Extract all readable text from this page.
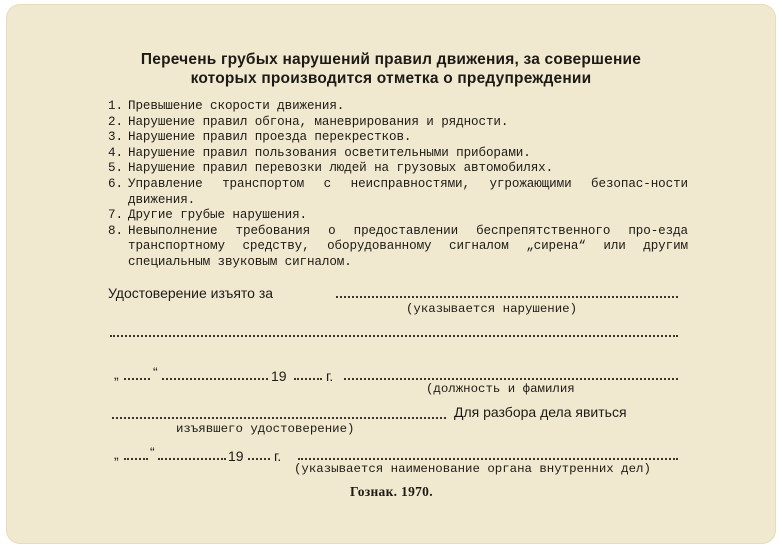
Перечень грубых нарушений правил движения, за совершение
которых производится отметка о предупреждении
1. Превышение скорости движения.
2. Нарушение правил обгона, маневрирования и рядности.
3. Нарушение правил проезда перекрестков.
4. Нарушение правил пользования осветительными приборами.
5. Нарушение правил перевозки людей на грузовых автомобилях.
6. Управление транспортом с неисправностями, угрожающими безопас-ности движения.
7. Другие грубые нарушения.
8. Невыполнение требования о предоставлении беспрепятственного про-езда транспортному средству, оборудованному сигналом „сирена“ или другим специальным звуковым сигналом.
Удостоверение изъято за
(указывается нарушение)
„ “	19	г.
(должность и фамилия
Для разбора дела явиться
изъявшего удостоверение)
„ “	19 г.
(указывается наименование органа внутренних дел)
Гознак. 1970.
